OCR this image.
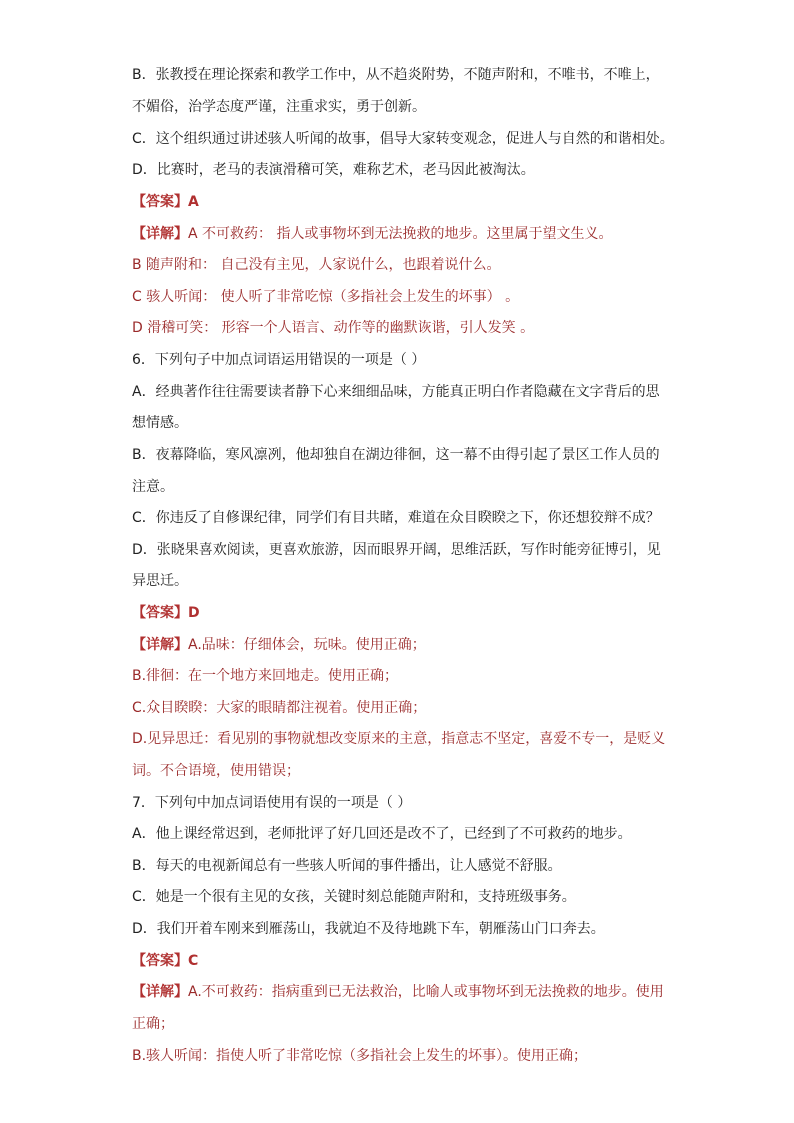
B．张教授在理论探索和教学工作中，从不趋炎附势，不随声附和，不唯书，不唯上，
不媚俗，治学态度严谨，注重求实，勇于创新。
C．这个组织通过讲述骇人听闻的故事，倡导大家转变观念，促进人与自然的和谐相处。
D．比赛时，老马的表演滑稽可笑，难称艺术，老马因此被淘汰。
【答案】A
【详解】A 不可救药： 指人或事物坏到无法挽救的地步。这里属于望文生义。
B 随声附和： 自己没有主见，人家说什么，也跟着说什么。
C 骇人听闻： 使人听了非常吃惊（多指社会上发生的坏事） 。
D 滑稽可笑： 形容一个人语言、动作等的幽默诙谐，引人发笑 。
6．下列句子中加点词语运用错误的一项是（ ）
A．经典著作往往需要读者静下心来细细品味，方能真正明白作者隐藏在文字背后的思
想情感。
B．夜幕降临，寒风凛冽，他却独自在湖边徘徊，这一幕不由得引起了景区工作人员的
注意。
C．你违反了自修课纪律，同学们有目共睹，难道在众目睽睽之下，你还想狡辩不成？
D．张晓果喜欢阅读，更喜欢旅游，因而眼界开阔，思维活跃，写作时能旁征博引，见
异思迁。
【答案】D
【详解】A.品味：仔细体会，玩味。使用正确；
B.徘徊：在一个地方来回地走。使用正确；
C.众目睽睽：大家的眼睛都注视着。使用正确；
D.见异思迁：看见别的事物就想改变原来的主意，指意志不坚定，喜爱不专一，是贬义
词。不合语境，使用错误；
7．下列句中加点词语使用有误的一项是（ ）
A．他上课经常迟到，老师批评了好几回还是改不了，已经到了不可救药的地步。
B．每天的电视新闻总有一些骇人听闻的事件播出，让人感觉不舒服。
C．她是一个很有主见的女孩，关键时刻总能随声附和，支持班级事务。
D．我们开着车刚来到雁荡山，我就迫不及待地跳下车，朝雁荡山门口奔去。
【答案】C
【详解】A.不可救药：指病重到已无法救治，比喻人或事物坏到无法挽救的地步。使用
正确；
B.骇人听闻：指使人听了非常吃惊（多指社会上发生的坏事）。使用正确；
